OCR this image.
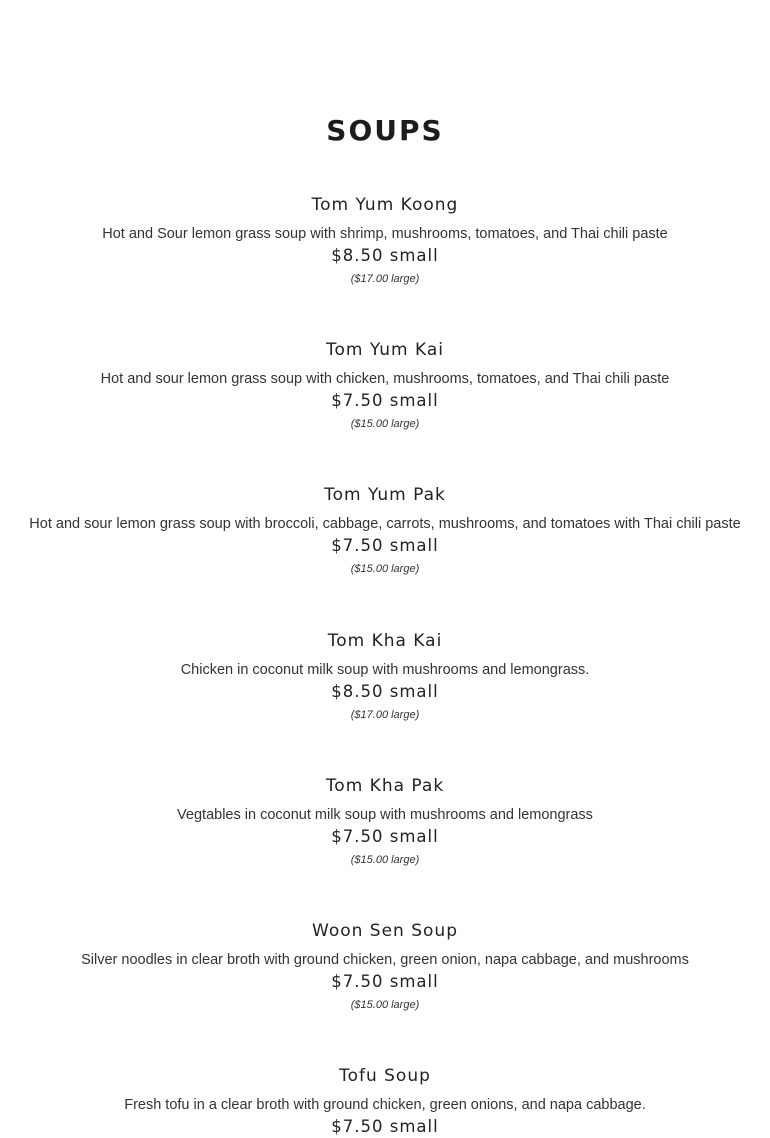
SOUPS
Tom Yum Koong
Hot and Sour lemon grass soup with shrimp, mushrooms, tomatoes, and Thai chili paste
$8.50 small
($17.00 large)
Tom Yum Kai
Hot and sour lemon grass soup with chicken, mushrooms, tomatoes, and Thai chili paste
$7.50 small
($15.00 large)
Tom Yum Pak
Hot and sour lemon grass soup with broccoli, cabbage, carrots, mushrooms, and tomatoes with Thai chili paste
$7.50 small
($15.00 large)
Tom Kha Kai
Chicken in coconut milk soup with mushrooms and lemongrass.
$8.50 small
($17.00 large)
Tom Kha Pak
Vegtables in coconut milk soup with mushrooms and lemongrass
$7.50 small
($15.00 large)
Woon Sen Soup
Silver noodles in clear broth with ground chicken, green onion, napa cabbage, and mushrooms
$7.50 small
($15.00 large)
Tofu Soup
Fresh tofu in a clear broth with ground chicken, green onions, and napa cabbage.
$7.50 small
